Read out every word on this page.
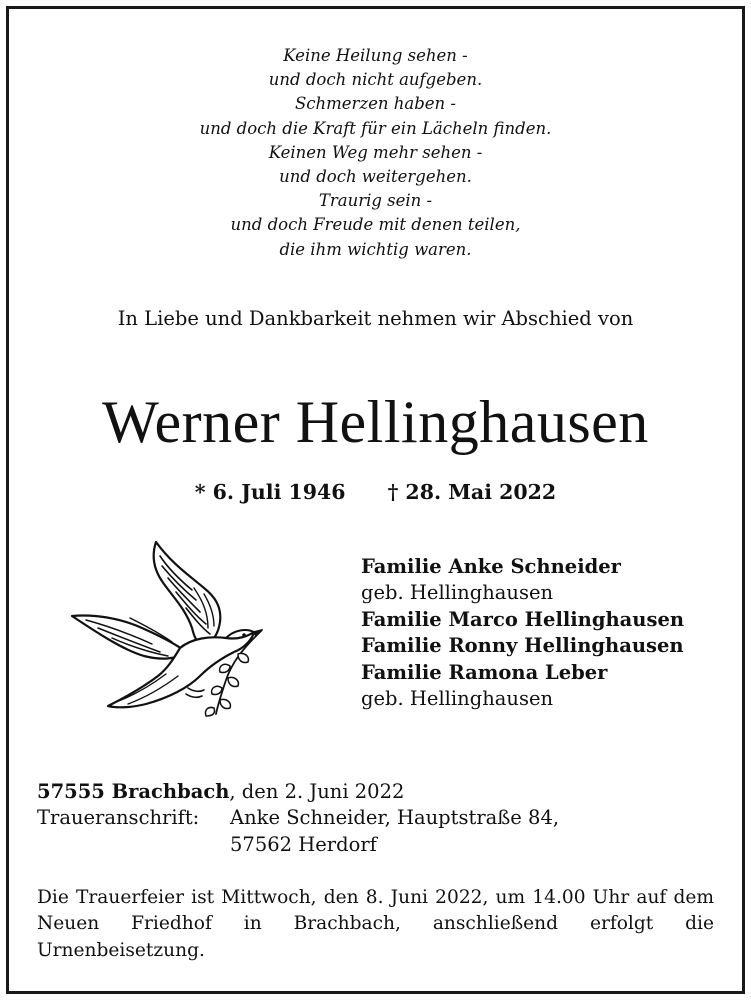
Keine Heilung sehen -
und doch nicht aufgeben.
Schmerzen haben -
und doch die Kraft für ein Lächeln finden.
Keinen Weg mehr sehen -
und doch weitergehen.
Traurig sein -
und doch Freude mit denen teilen,
die ihm wichtig waren.
In Liebe und Dankbarkeit nehmen wir Abschied von
Werner Hellinghausen
* 6. Juli 1946 † 28. Mai 2022
Familie Anke Schneider
geb. Hellinghausen
Familie Marco Hellinghausen
Familie Ronny Hellinghausen
Familie Ramona Leber
geb. Hellinghausen
57555 Brachbach, den 2. Juni 2022
Traueranschrift: Anke Schneider, Hauptstraße 84,
57562 Herdorf
Die Trauerfeier ist Mittwoch, den 8. Juni 2022, um 14.00 Uhr auf dem Neuen Friedhof in Brachbach, anschließend erfolgt die Urnenbeisetzung.
